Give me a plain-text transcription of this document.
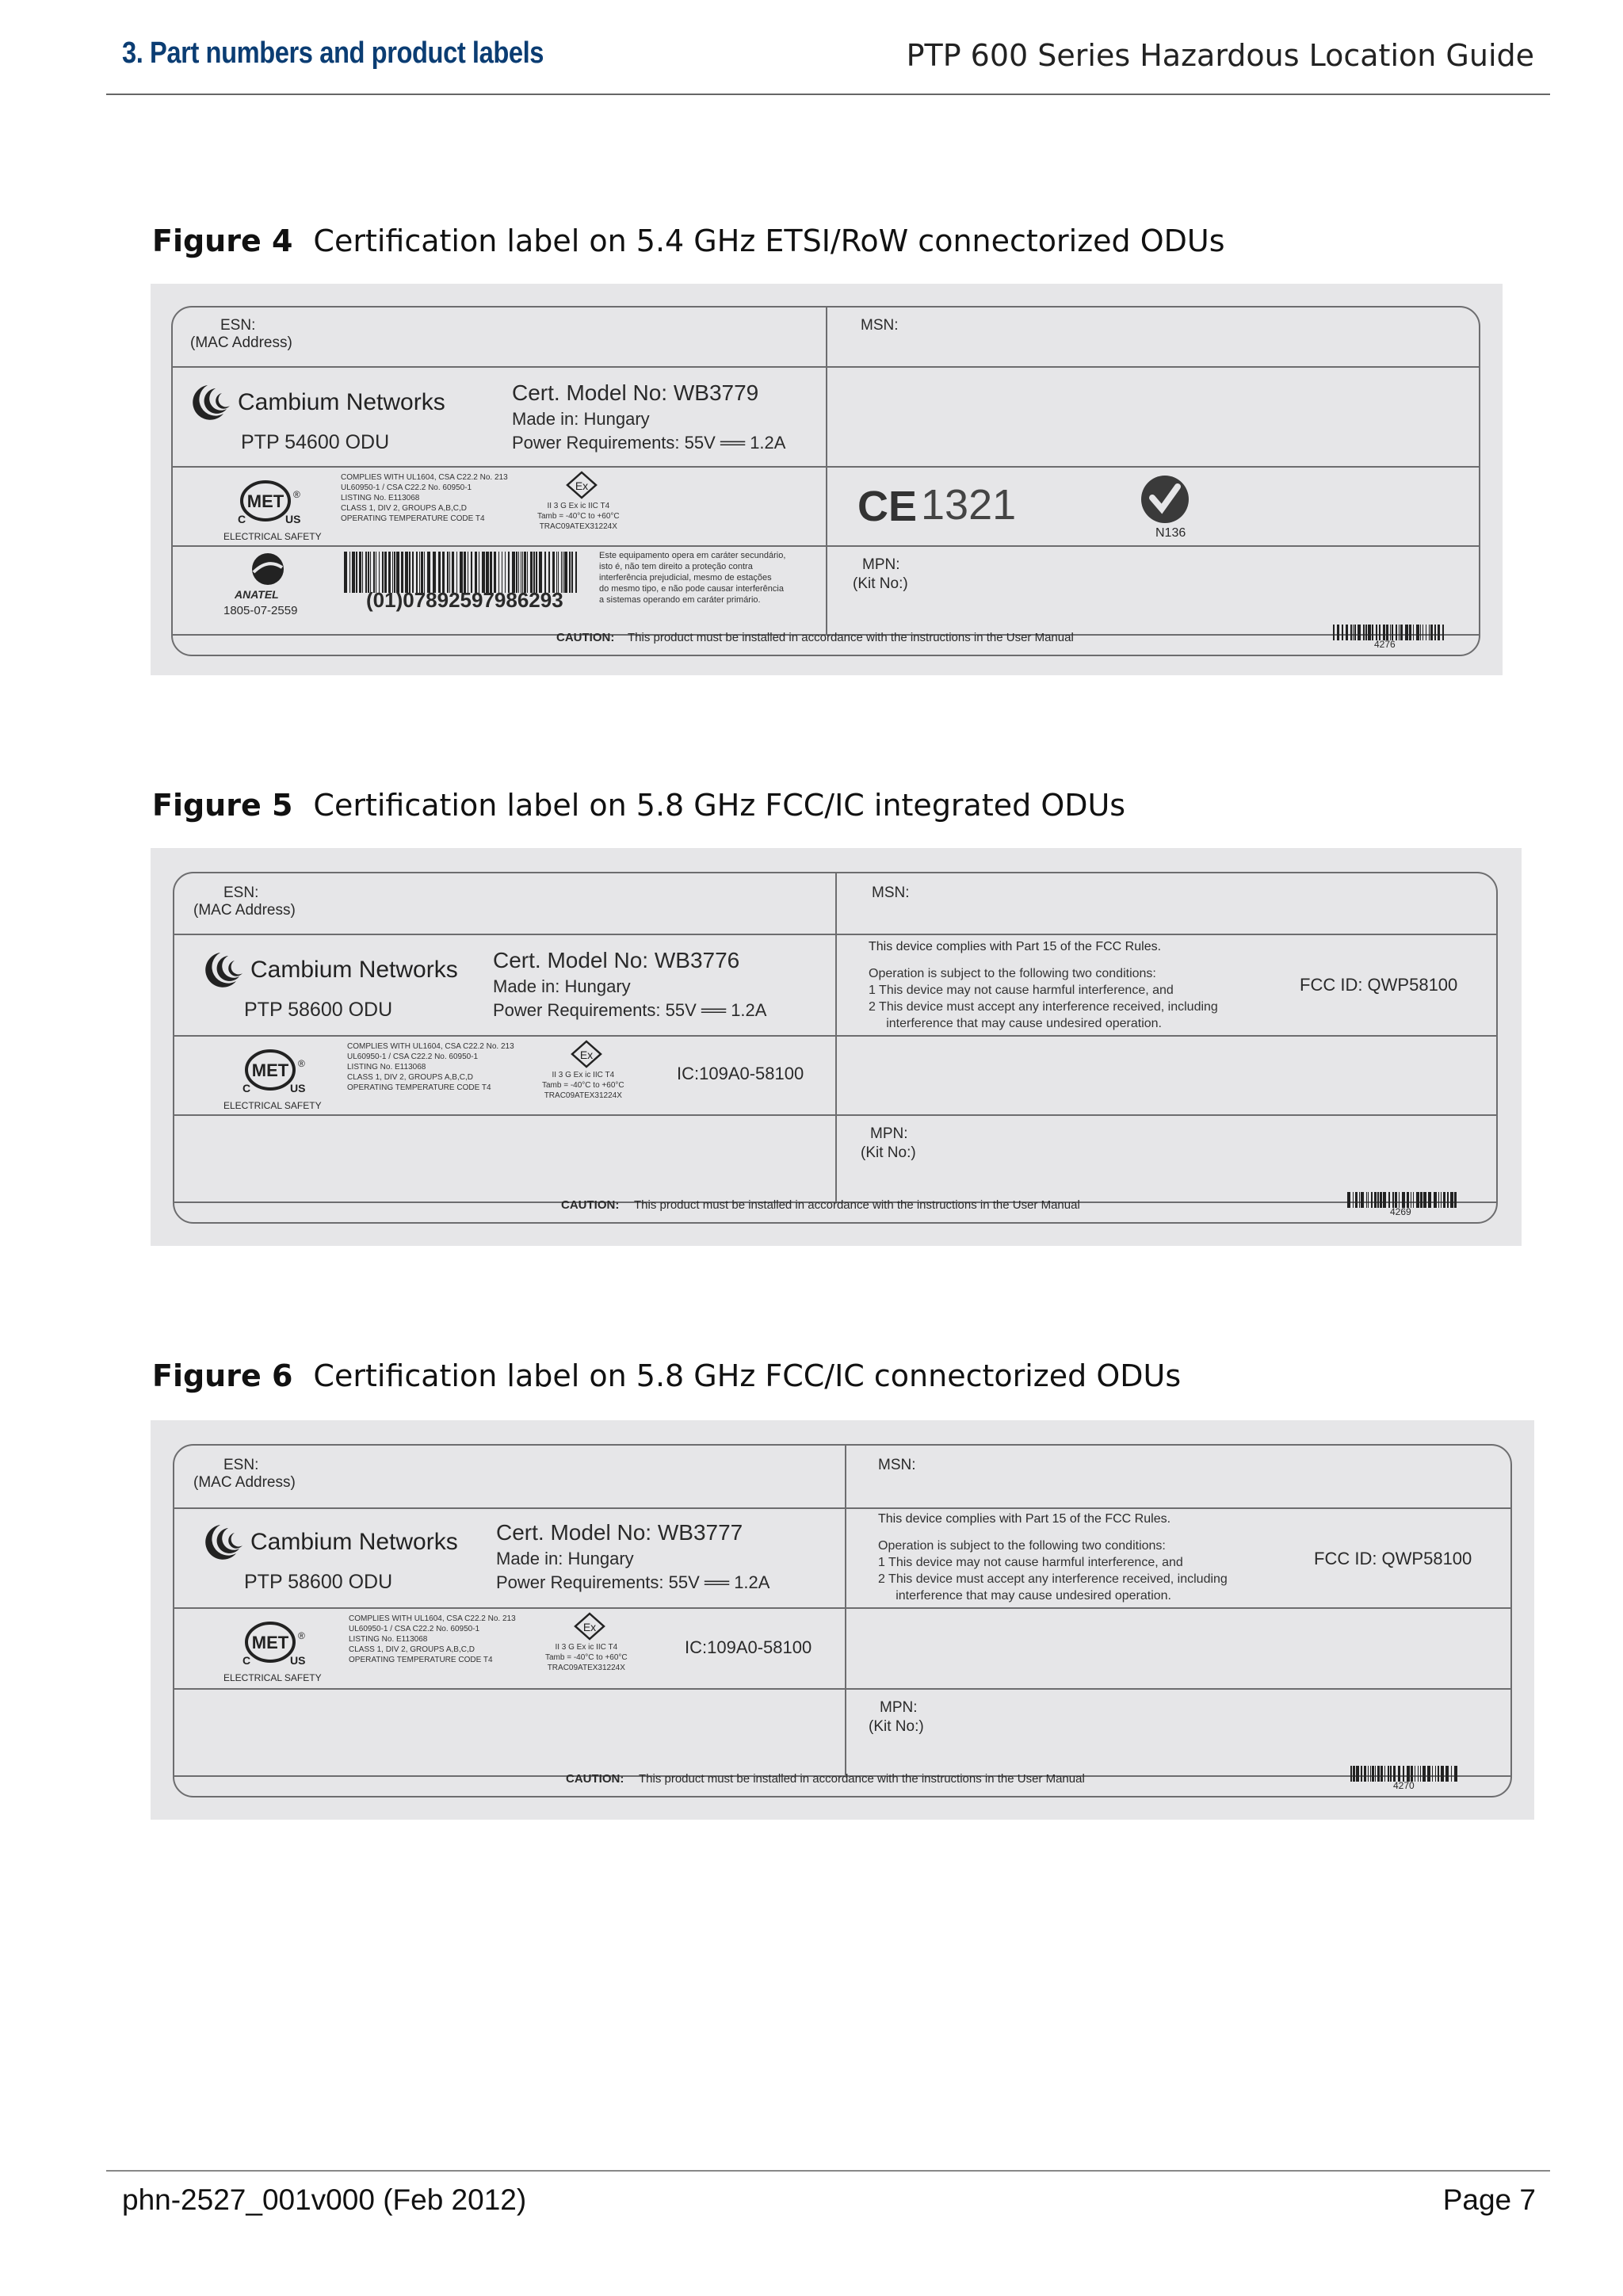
3. Part numbers and product labels	PTP 600 Series Hazardous Location Guide
Figure 4 Certification label on 5.4 GHz ETSI/RoW connectorized ODUs
ESN:
(MAC Address)
MSN:
Cambium Networks
PTP 54600 ODU
Cert. Model No: WB3779
Made in: Hungary
Power Requirements: 55V ══ 1.2A
MET
C	US
®
ELECTRICAL SAFETY
COMPLIES WITH UL1604, CSA C22.2 No. 213
UL60950-1 / CSA C22.2 No. 60950-1
LISTING No. E113068
CLASS 1, DIV 2, GROUPS A,B,C,D
OPERATING TEMPERATURE CODE T4
Ex
II 3 G Ex ic IIC T4
Tamb = -40°C to +60°C
TRAC09ATEX31224X	CE 1321
N136
ANATEL
1805-07-2559	(01)07892597986293
Este equipamento opera em caráter secundário,
isto é, não tem direito a proteção contra
interferência prejudicial, mesmo de estações
do mesmo tipo, e não pode causar interferência
a sistemas operando em caráter primário.
MPN:
(Kit No:)
CAUTION: This product must be installed in accordance with the instructions in the User Manual	4276
Figure 5 Certification label on 5.8 GHz FCC/IC integrated ODUs
ESN:
(MAC Address)
MSN:
Cambium Networks
PTP 58600 ODU
Cert. Model No: WB3776
Made in: Hungary
Power Requirements: 55V ══ 1.2A
MET
C	US
®
ELECTRICAL SAFETY
COMPLIES WITH UL1604, CSA C22.2 No. 213
UL60950-1 / CSA C22.2 No. 60950-1
LISTING No. E113068
CLASS 1, DIV 2, GROUPS A,B,C,D
OPERATING TEMPERATURE CODE T4
Ex
II 3 G Ex ic IIC T4
Tamb = -40°C to +60°C
TRAC09ATEX31224X
IC:109A0-58100
This device complies with Part 15 of the FCC Rules.
Operation is subject to the following two conditions:
1 This device may not cause harmful interference, and
2 This device must accept any interference received, including
interference that may cause undesired operation.
FCC ID: QWP58100
MPN:
(Kit No:)
CAUTION: This product must be installed in accordance with the instructions in the User Manual	4269
Figure 6 Certification label on 5.8 GHz FCC/IC connectorized ODUs
ESN:
(MAC Address)
MSN:
Cambium Networks
PTP 58600 ODU
Cert. Model No: WB3777
Made in: Hungary
Power Requirements: 55V ══ 1.2A
MET
C	US
®
ELECTRICAL SAFETY
COMPLIES WITH UL1604, CSA C22.2 No. 213
UL60950-1 / CSA C22.2 No. 60950-1
LISTING No. E113068
CLASS 1, DIV 2, GROUPS A,B,C,D
OPERATING TEMPERATURE CODE T4
Ex
II 3 G Ex ic IIC T4
Tamb = -40°C to +60°C
TRAC09ATEX31224X
IC:109A0-58100
This device complies with Part 15 of the FCC Rules.
Operation is subject to the following two conditions:
1 This device may not cause harmful interference, and
2 This device must accept any interference received, including
interference that may cause undesired operation.
FCC ID: QWP58100
MPN:
(Kit No:)
CAUTION: This product must be installed in accordance with the instructions in the User Manual	4270
phn-2527_001v000 (Feb 2012)	Page 7
